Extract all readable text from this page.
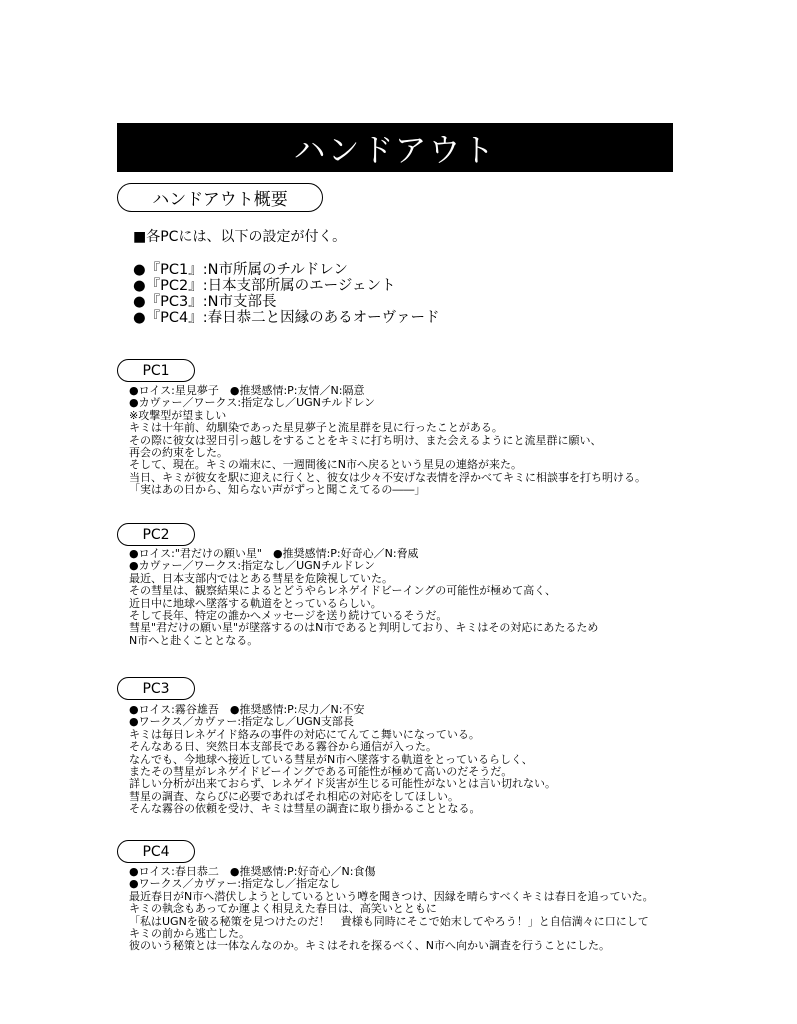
ハンドアウト
ハンドアウト概要
■各PCには、以下の設定が付く。
●『PC1』:N市所属のチルドレン
●『PC2』:日本支部所属のエージェント
●『PC3』:N市支部長
●『PC4』:春日恭二と因縁のあるオーヴァード
PC1
●ロイス:星見夢子　●推奨感情:P:友情／N:隔意
●カヴァー／ワークス:指定なし／UGNチルドレン
※攻撃型が望ましい
キミは十年前、幼馴染であった星見夢子と流星群を見に行ったことがある。
その際に彼女は翌日引っ越しをすることをキミに打ち明け、また会えるようにと流星群に願い、
再会の約束をした。
そして、現在。キミの端末に、一週間後にN市へ戻るという星見の連絡が来た。
当日、キミが彼女を駅に迎えに行くと、彼女は少々不安げな表情を浮かべてキミに相談事を打ち明ける。
「実はあの日から、知らない声がずっと聞こえてるの――」
PC2
●ロイス:"君だけの願い星"　●推奨感情:P:好奇心／N:脅威
●カヴァー／ワークス:指定なし／UGNチルドレン
最近、日本支部内ではとある彗星を危険視していた。
その彗星は、観察結果によるとどうやらレネゲイドビーイングの可能性が極めて高く、
近日中に地球へ墜落する軌道をとっているらしい。
そして長年、特定の誰かへメッセージを送り続けているそうだ。
彗星"君だけの願い星"が墜落するのはN市であると判明しており、キミはその対応にあたるため
N市へと赴くこととなる。
PC3
●ロイス:霧谷雄吾　●推奨感情:P:尽力／N:不安
●ワークス／カヴァー:指定なし／UGN支部長
キミは毎日レネゲイド絡みの事件の対応にてんてこ舞いになっている。
そんなある日、突然日本支部長である霧谷から通信が入った。
なんでも、今地球へ接近している彗星がN市へ墜落する軌道をとっているらしく、
またその彗星がレネゲイドビーイングである可能性が極めて高いのだそうだ。
詳しい分析が出来ておらず、レネゲイド災害が生じる可能性がないとは言い切れない。
彗星の調査、ならびに必要であればそれ相応の対応をしてほしい。
そんな霧谷の依頼を受け、キミは彗星の調査に取り掛かることとなる。
PC4
●ロイス:春日恭二　●推奨感情:P:好奇心／N:食傷
●ワークス／カヴァー:指定なし／指定なし
最近春日がN市へ潜伏しようとしているという噂を聞きつけ、因縁を晴らすべくキミは春日を追っていた。
キミの執念もあってか運よく相見えた春日は、高笑いとともに
「私はUGNを破る秘策を見つけたのだ！　貴様も同時にそこで始末してやろう！」と自信満々に口にして
キミの前から逃亡した。
彼のいう秘策とは一体なんなのか。キミはそれを探るべく、N市へ向かい調査を行うことにした。
